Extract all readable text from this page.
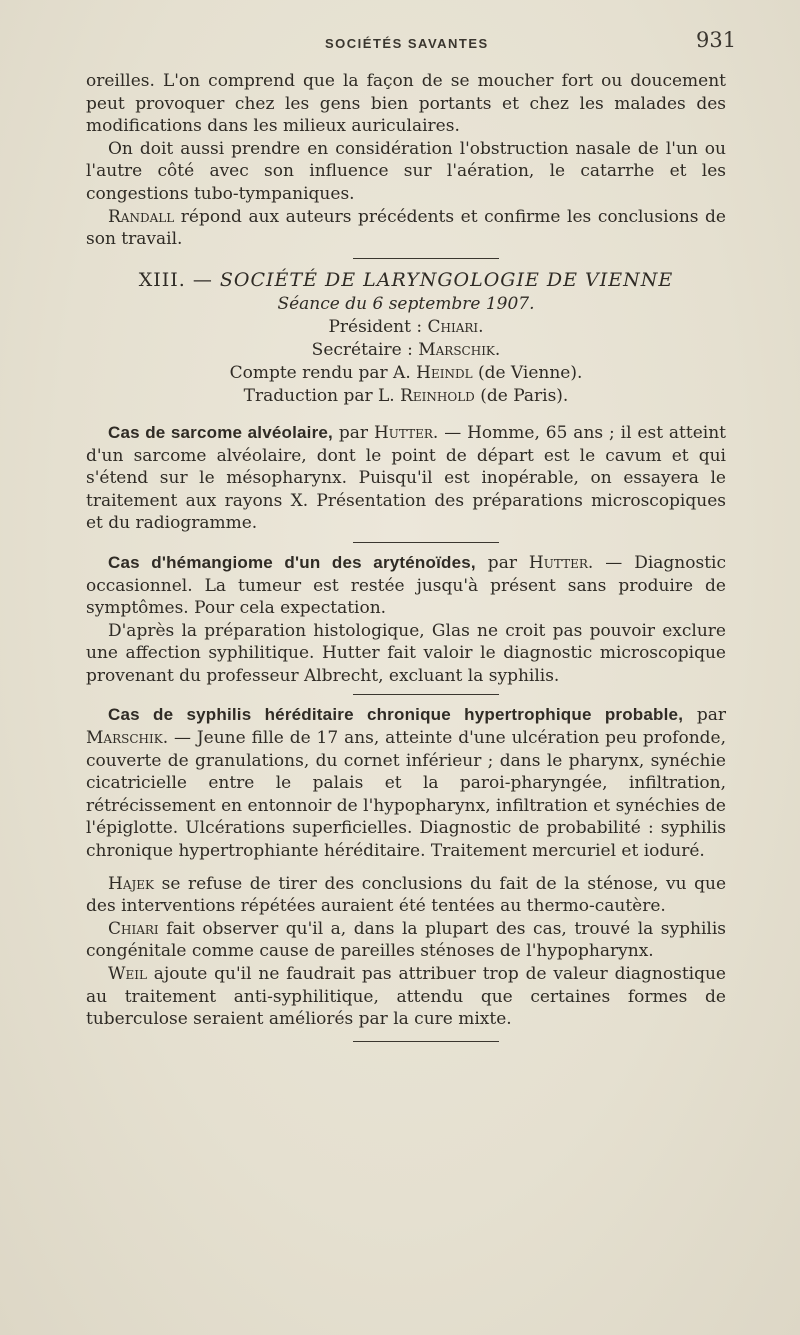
SOCIÉTÉS SAVANTES	931

oreilles. L'on comprend que la façon de se moucher fort ou doucement peut provoquer chez les gens bien portants et chez les malades des modifications dans les milieux auriculaires.

On doit aussi prendre en considération l'obstruction nasale de l'un ou l'autre côté avec son influence sur l'aération, le catarrhe et les congestions tubo-tympaniques.

Randall répond aux auteurs précédents et confirme les conclusions de son travail.

XIII. — SOCIÉTÉ DE LARYNGOLOGIE DE VIENNE
Séance du 6 septembre 1907.
Président : Chiari.
Secrétaire : Marschik.
Compte rendu par A. Heindl (de Vienne).
Traduction par L. Reinhold (de Paris).

Cas de sarcome alvéolaire, par Hutter. — Homme, 65 ans ; il est atteint d'un sarcome alvéolaire, dont le point de départ est le cavum et qui s'étend sur le mésopharynx. Puisqu'il est inopérable, on essayera le traitement aux rayons X. Présentation des préparations microscopiques et du radiogramme.

Cas d'hémangiome d'un des aryténoïdes, par Hutter. — Diagnostic occasionnel. La tumeur est restée jusqu'à présent sans produire de symptômes. Pour cela expectation.

D'après la préparation histologique, Glas ne croit pas pouvoir exclure une affection syphilitique. Hutter fait valoir le diagnostic microscopique provenant du professeur Albrecht, excluant la syphilis.

Cas de syphilis héréditaire chronique hypertrophique probable, par Marschik. — Jeune fille de 17 ans, atteinte d'une ulcération peu profonde, couverte de granulations, du cornet inférieur ; dans le pharynx, synéchie cicatricielle entre le palais et la paroi-pharyngée, infiltration, rétrécissement en entonnoir de l'hypopharynx, infiltration et synéchies de l'épiglotte. Ulcérations superficielles. Diagnostic de probabilité : syphilis chronique hypertrophiante héréditaire. Traitement mercuriel et ioduré.

Hajek se refuse de tirer des conclusions du fait de la sténose, vu que des interventions répétées auraient été tentées au thermo-cautère.

Chiari fait observer qu'il a, dans la plupart des cas, trouvé la syphilis congénitale comme cause de pareilles sténoses de l'hypopharynx.

Weil ajoute qu'il ne faudrait pas attribuer trop de valeur diagnostique au traitement anti-syphilitique, attendu que certaines formes de tuberculose seraient améliorés par la cure mixte.
